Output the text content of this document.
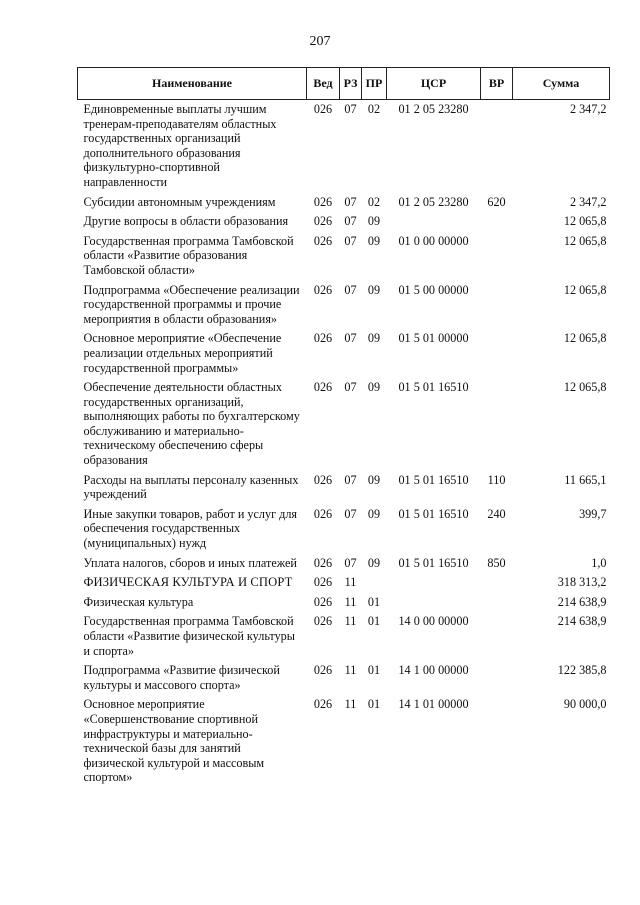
207
Наименование	Вед	РЗ	ПР	ЦСР	ВР	Сумма
Единовременные выплаты лучшим тренерам-преподавателям областных государственных организаций дополнительного образования физкультурно-спортивной направленности	026	07	02	01 2 05 23280		2 347,2
Субсидии автономным учреждениям	026	07	02	01 2 05 23280	620	2 347,2
Другие вопросы в области образования	026	07	09			12 065,8
Государственная программа Тамбовской области «Развитие образования Тамбовской области»	026	07	09	01 0 00 00000		12 065,8
Подпрограмма «Обеспечение реализации государственной программы и прочие мероприятия в области образования»	026	07	09	01 5 00 00000		12 065,8
Основное мероприятие «Обеспечение реализации отдельных мероприятий государственной программы»	026	07	09	01 5 01 00000		12 065,8
Обеспечение деятельности областных государственных организаций, выполняющих работы по бухгалтерскому обслуживанию и материально-техническому обеспечению сферы образования	026	07	09	01 5 01 16510		12 065,8
Расходы на выплаты персоналу казенных учреждений	026	07	09	01 5 01 16510	110	11 665,1
Иные закупки товаров, работ и услуг для обеспечения государственных (муниципальных) нужд	026	07	09	01 5 01 16510	240	399,7
Уплата налогов, сборов и иных платежей	026	07	09	01 5 01 16510	850	1,0
ФИЗИЧЕСКАЯ КУЛЬТУРА И СПОРТ	026	11				318 313,2
Физическая культура	026	11	01			214 638,9
Государственная программа Тамбовской области «Развитие физической культуры и спорта»	026	11	01	14 0 00 00000		214 638,9
Подпрограмма «Развитие физической культуры и массового спорта»	026	11	01	14 1 00 00000		122 385,8
Основное мероприятие «Совершенствование спортивной инфраструктуры и материально-технической базы для занятий физической культурой и массовым спортом»	026	11	01	14 1 01 00000		90 000,0
